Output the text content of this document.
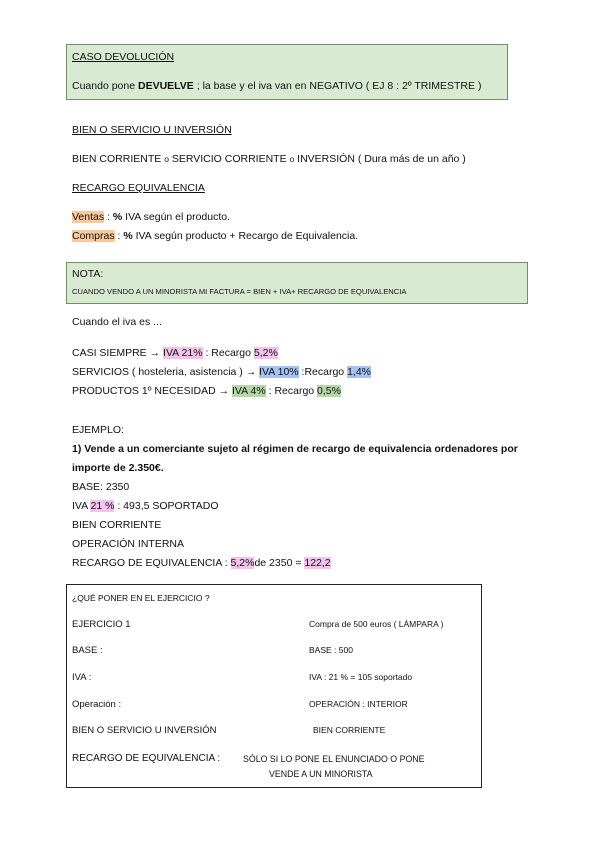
CASO DEVOLUCIÓN
Cuando pone DEVUELVE ; la base y el iva van en NEGATIVO ( EJ 8 : 2º TRIMESTRE )
BIEN O SERVICIO U INVERSIÓN
BIEN CORRIENTE o SERVICIO CORRIENTE o INVERSIÓN ( Dura más de un año )
RECARGO EQUIVALENCIA
Ventas : % IVA según el producto.
Compras : % IVA según producto + Recargo de Equivalencia.
NOTA:
CUANDO VENDO A UN MINORISTA MI FACTURA = BIEN + IVA+ RECARGO DE EQUIVALENCIA
Cuando el iva es ...
CASI SIEMPRE → IVA 21% : Recargo 5,2%
SERVICIOS ( hosteleria, asistencia ) → IVA 10% :Recargo 1,4%
PRODUCTOS 1º NECESIDAD → IVA 4% : Recargo 0,5%
EJEMPLO:
1) Vende a un comerciante sujeto al régimen de recargo de equivalencia ordenadores por
importe de 2.350€.
BASE: 2350
IVA 21 % : 493,5 SOPORTADO
BIEN CORRIENTE
OPERACIÓN INTERNA
RECARGO DE EQUIVALENCIA : 5,2%de 2350 = 122,2
¿QUÉ PONER EN EL EJERCICIO ?
EJERCICIO 1	Compra de 500 euros ( LÁMPARA )
BASE :	BASE : 500
IVA :	IVA : 21 % = 105 soportado
Operación :	OPERACIÓN : INTERIOR
BIEN O SERVICIO U INVERSIÓN	BIEN CORRIENTE
RECARGO DE EQUIVALENCIA :	SÓLO SI LO PONE EL ENUNCIADO O PONE
VENDE A UN MINORISTA
